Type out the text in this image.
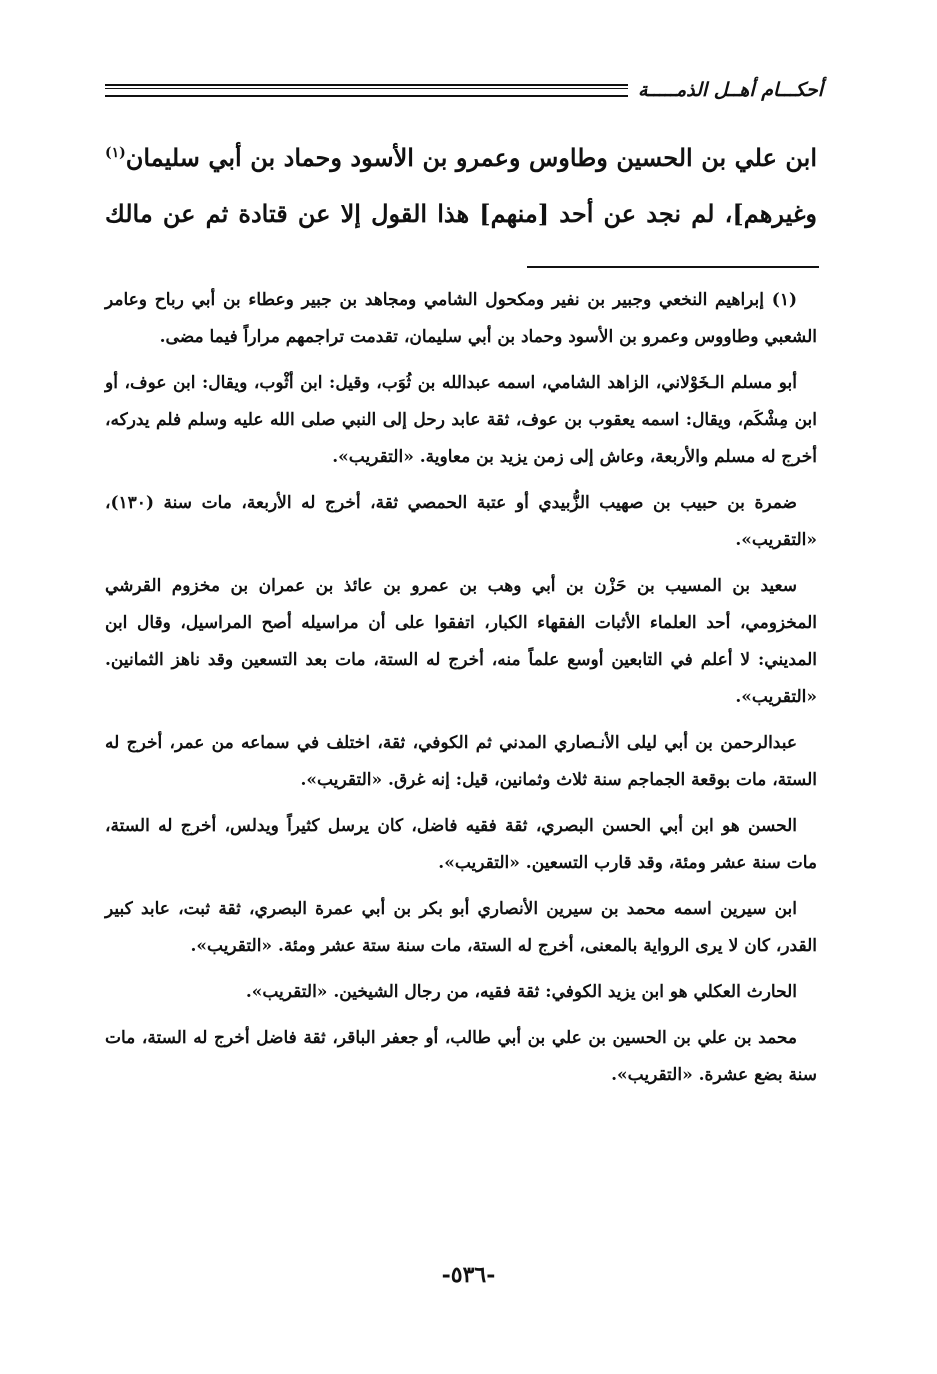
أحكـــام أهــل الذمـــــة

ابن علي بن الحسين وطاوس وعمرو بن الأسود وحماد بن أبي سليمان$^{(١)}$

وغيرهم]، لم نجد عن أحد [منهم] هذا القول إلا عن قتادة ثم عن مالك

(١) إبراهيم النخعي وجبير بن نفير ومكحول الشامي ومجاهد بن جبير وعطاء بن أبي رباح وعامر الشعبي وطاووس وعمرو بن الأسود وحماد بن أبي سليمان، تقدمت تراجمهم مراراً فيما مضى.

أبو مسلم الـخَوْلاني، الزاهد الشامي، اسمه عبدالله بن ثُوَب، وقيل: ابن أثْوب، ويقال: ابن عوف، أو ابن مِشْكَم، ويقال: اسمه يعقوب بن عوف، ثقة عابد رحل إلى النبي صلى الله عليه وسلم فلم يدركه، أخرج له مسلم والأربعة، وعاش إلى زمن يزيد بن معاوية. «التقريب».

ضمرة بن حبيب بن صهيب الزُّبيدي أو عتبة الحمصي ثقة، أخرج له الأربعة، مات سنة (١٣٠)، «التقريب».

سعيد بن المسيب بن حَزْن بن أبي وهب بن عمرو بن عائذ بن عمران بن مخزوم القرشي المخزومي، أحد العلماء الأثبات الفقهاء الكبار، اتفقوا على أن مراسيله أصح المراسيل، وقال ابن المديني: لا أعلم في التابعين أوسع علماً منه، أخرج له الستة، مات بعد التسعين وقد ناهز الثمانين. «التقريب».

عبدالرحمن بن أبي ليلى الأنـصاري المدني ثم الكوفي، ثقة، اختلف في سماعه من عمر، أخرج له الستة، مات بوقعة الجماجم سنة ثلاث وثمانين، قيل: إنه غرق. «التقريب».

الحسن هو ابن أبي الحسن البصري، ثقة فقيه فاضل، كان يرسل كثيراً ويدلس، أخرج له الستة، مات سنة عشر ومئة، وقد قارب التسعين. «التقريب».

ابن سيرين اسمه محمد بن سيرين الأنصاري أبو بكر بن أبي عمرة البصري، ثقة ثبت، عابد كبير القدر، كان لا يرى الرواية بالمعنى، أخرج له الستة، مات سنة ستة عشر ومئة. «التقريب».

الحارث العكلي هو ابن يزيد الكوفي: ثقة فقيه، من رجال الشيخين. «التقريب».

محمد بن علي بن الحسين بن علي بن أبي طالب، أو جعفر الباقر، ثقة فاضل أخرج له الستة، مات سنة بضع عشرة. «التقريب».

-٥٣٦-
